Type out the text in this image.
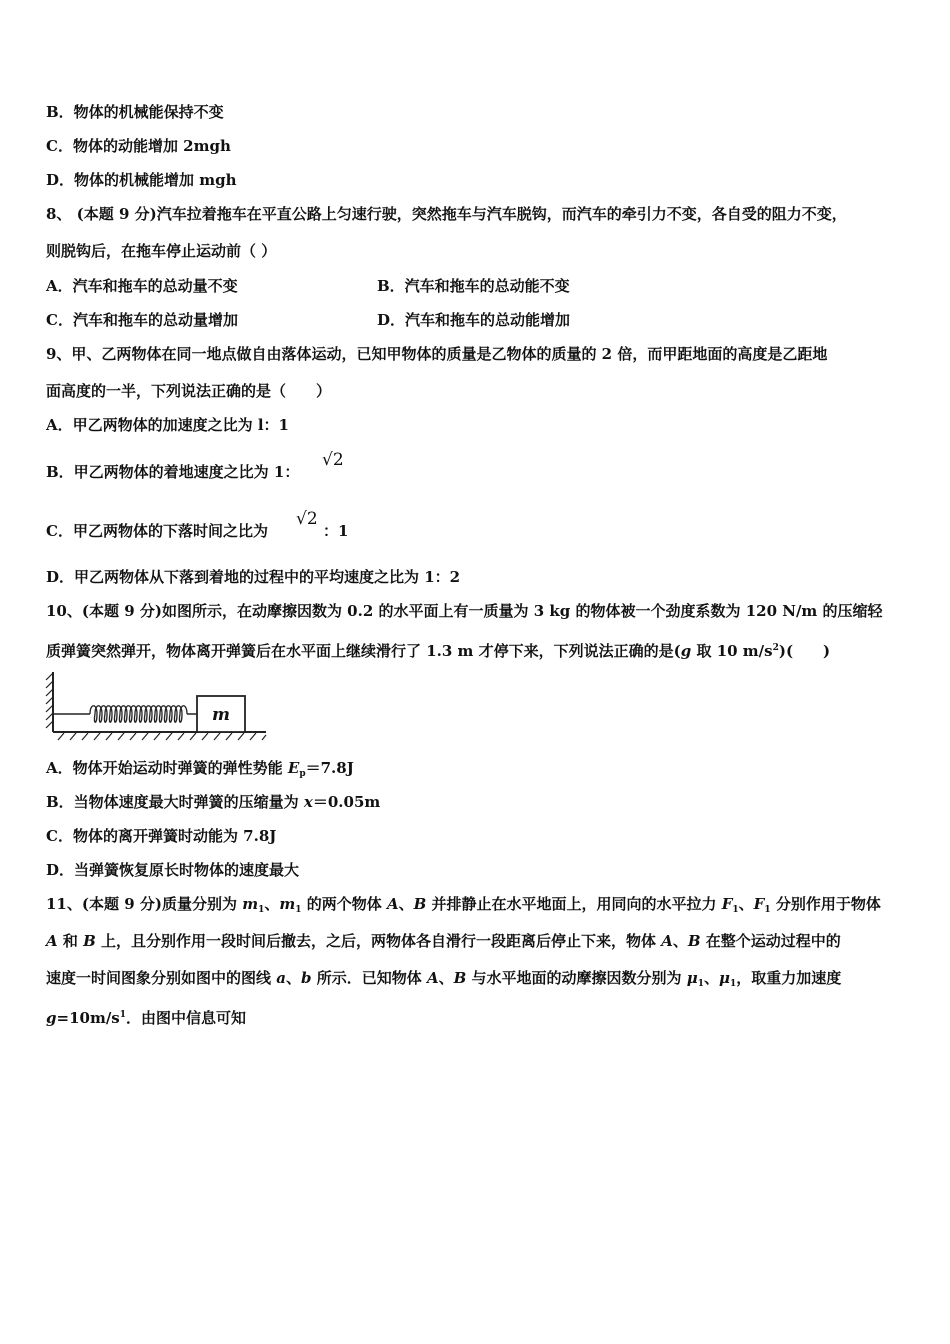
B．物体的机械能保持不变
C．物体的动能增加 2mgh
D．物体的机械能增加 mgh
8、 (本题 9 分)汽车拉着拖车在平直公路上匀速行驶，突然拖车与汽车脱钩，而汽车的牵引力不变，各自受的阻力不变，
则脱钩后，在拖车停止运动前（ ）
A．汽车和拖车的总动量不变	B．汽车和拖车的总动能不变
C．汽车和拖车的总动量增加	D．汽车和拖车的总动能增加
9、甲、乙两物体在同一地点做自由落体运动，已知甲物体的质量是乙物体的质量的 2 倍，而甲距地面的高度是乙距地
面高度的一半，下列说法正确的是（　　）
A．甲乙两物体的加速度之比为 l：1
B．甲乙两物体的着地速度之比为 1：
√2
C．甲乙两物体的下落时间之比为
√2
：1
D．甲乙两物体从下落到着地的过程中的平均速度之比为 1：2
10、(本题 9 分)如图所示，在动摩擦因数为 0.2 的水平面上有一质量为 3 kg 的物体被一个劲度系数为 120 N/m 的压缩轻
质弹簧突然弹开，物体离开弹簧后在水平面上继续滑行了 1.3 m 才停下来，下列说法正确的是(g 取 10 $m/s^2$)(　　)
m
A．物体开始运动时弹簧的弹性势能 $E_p=7.8J$
B．当物体速度最大时弹簧的压缩量为 x＝0.05m
C．物体的离开弹簧时动能为 7.8J
D．当弹簧恢复原长时物体的速度最大
11、(本题 9 分)质量分别为 $m_1$、$m_1$ 的两个物体 A、B 并排静止在水平地面上，用同向的水平拉力 $F_1$、$F_1$ 分别作用于物体
A 和 B 上，且分别作用一段时间后撤去，之后，两物体各自滑行一段距离后停止下来，物体 A、B 在整个运动过程中的
速度一时间图象分别如图中的图线 a、b 所示．已知物体 A、B 与水平地面的动摩擦因数分别为 $\mu_1$、$\mu_1$，取重力加速度
$g=10m/s^1$．由图中信息可知
